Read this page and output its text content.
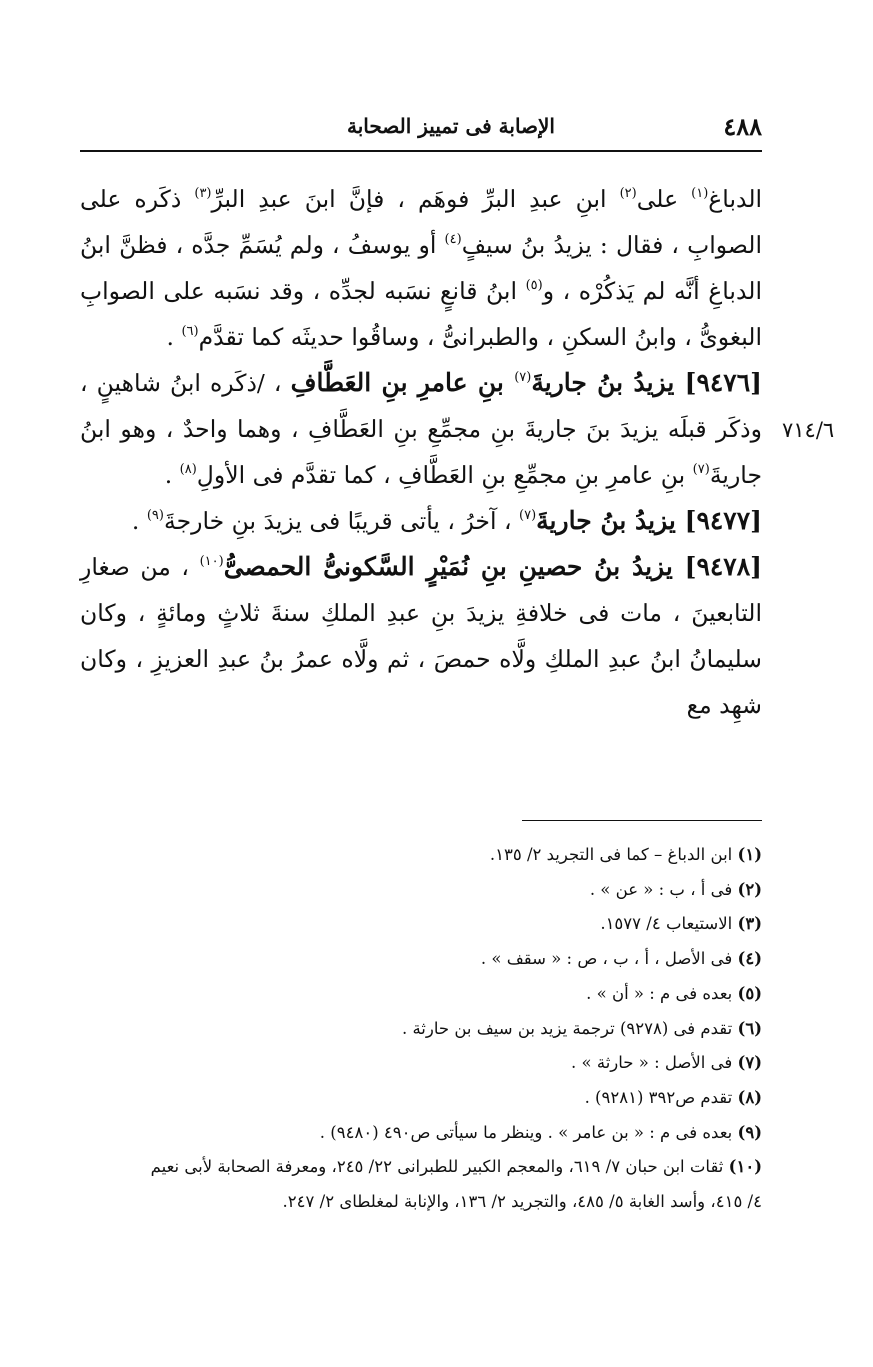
٤٨٨
الإصابة فى تمييز الصحابة
٧١٤/٦

الدباغ$^{(١)}$ على$^{(٢)}$ ابنِ عبدِ البرِّ فوهَم ، فإنَّ ابنَ عبدِ البرِّ$^{(٣)}$ ذكَره على الصوابِ ، فقال : يزيدُ بنُ سيفٍ$^{(٤)}$ أو يوسفُ ، ولم يُسَمِّ جدَّه ، فظنَّ ابنُ الدباغِ أنَّه لم يَذكُرْه ، و$^{(٥)}$ ابنُ قانعٍ نسَبه لجدِّه ، وقد نسَبه على الصوابِ البغوىُّ ، وابنُ السكنِ ، والطبرانىُّ ، وساقُوا حديثَه كما تقدَّم$^{(٦)}$ .

[٩٤٧٦] يزيدُ بنُ جاريةَ$^{(٧)}$ بنِ عامرِ بنِ العَطَّافِ ، /ذكَره ابنُ شاهينٍ ، وذكَر قبلَه يزيدَ بنَ جاريةَ بنِ مجمِّعِ بنِ العَطَّافِ ، وهما واحدٌ ، وهو ابنُ جاريةَ$^{(٧)}$ بنِ عامرِ بنِ مجمِّعِ بنِ العَطَّافِ ، كما تقدَّم فى الأولِ$^{(٨)}$ .

[٩٤٧٧] يزيدُ بنُ جاريةَ$^{(٧)}$ ، آخرُ ، يأتى قريبًا فى يزيدَ بنِ خارجةَ$^{(٩)}$ .

[٩٤٧٨] يزيدُ بنُ حصينِ بنِ نُمَيْرٍ السَّكونىُّ الحمصىُّ$^{(١٠)}$ ، من صغارِ التابعينَ ، مات فى خلافةِ يزيدَ بنِ عبدِ الملكِ سنةَ ثلاثٍ ومائةٍ ، وكان سليمانُ ابنُ عبدِ الملكِ ولَّاه حمصَ ، ثم ولَّاه عمرُ بنُ عبدِ العزيزِ ، وكان شهِد مع

(١) ابن الدباغ – كما فى التجريد ٢/ ١٣٥.
(٢) فى أ ، ب : « عن » .
(٣) الاستيعاب ٤/ ١٥٧٧.
(٤) فى الأصل ، أ ، ب ، ص : « سقف » .
(٥) بعده فى م : « أن » .
(٦) تقدم فى (٩٢٧٨) ترجمة يزيد بن سيف بن حارثة .
(٧) فى الأصل : « حارثة » .
(٨) تقدم ص٣٩٢ (٩٢٨١) .
(٩) بعده فى م : « بن عامر » . وينظر ما سيأتى ص٤٩٠ (٩٤٨٠) .
(١٠) ثقات ابن حبان ٧/ ٦١٩، والمعجم الكبير للطبرانى ٢٢/ ٢٤٥، ومعرفة الصحابة لأبى نعيم
٤/ ٤١٥، وأسد الغابة ٥/ ٤٨٥، والتجريد ٢/ ١٣٦، والإنابة لمغلطاى ٢/ ٢٤٧.
